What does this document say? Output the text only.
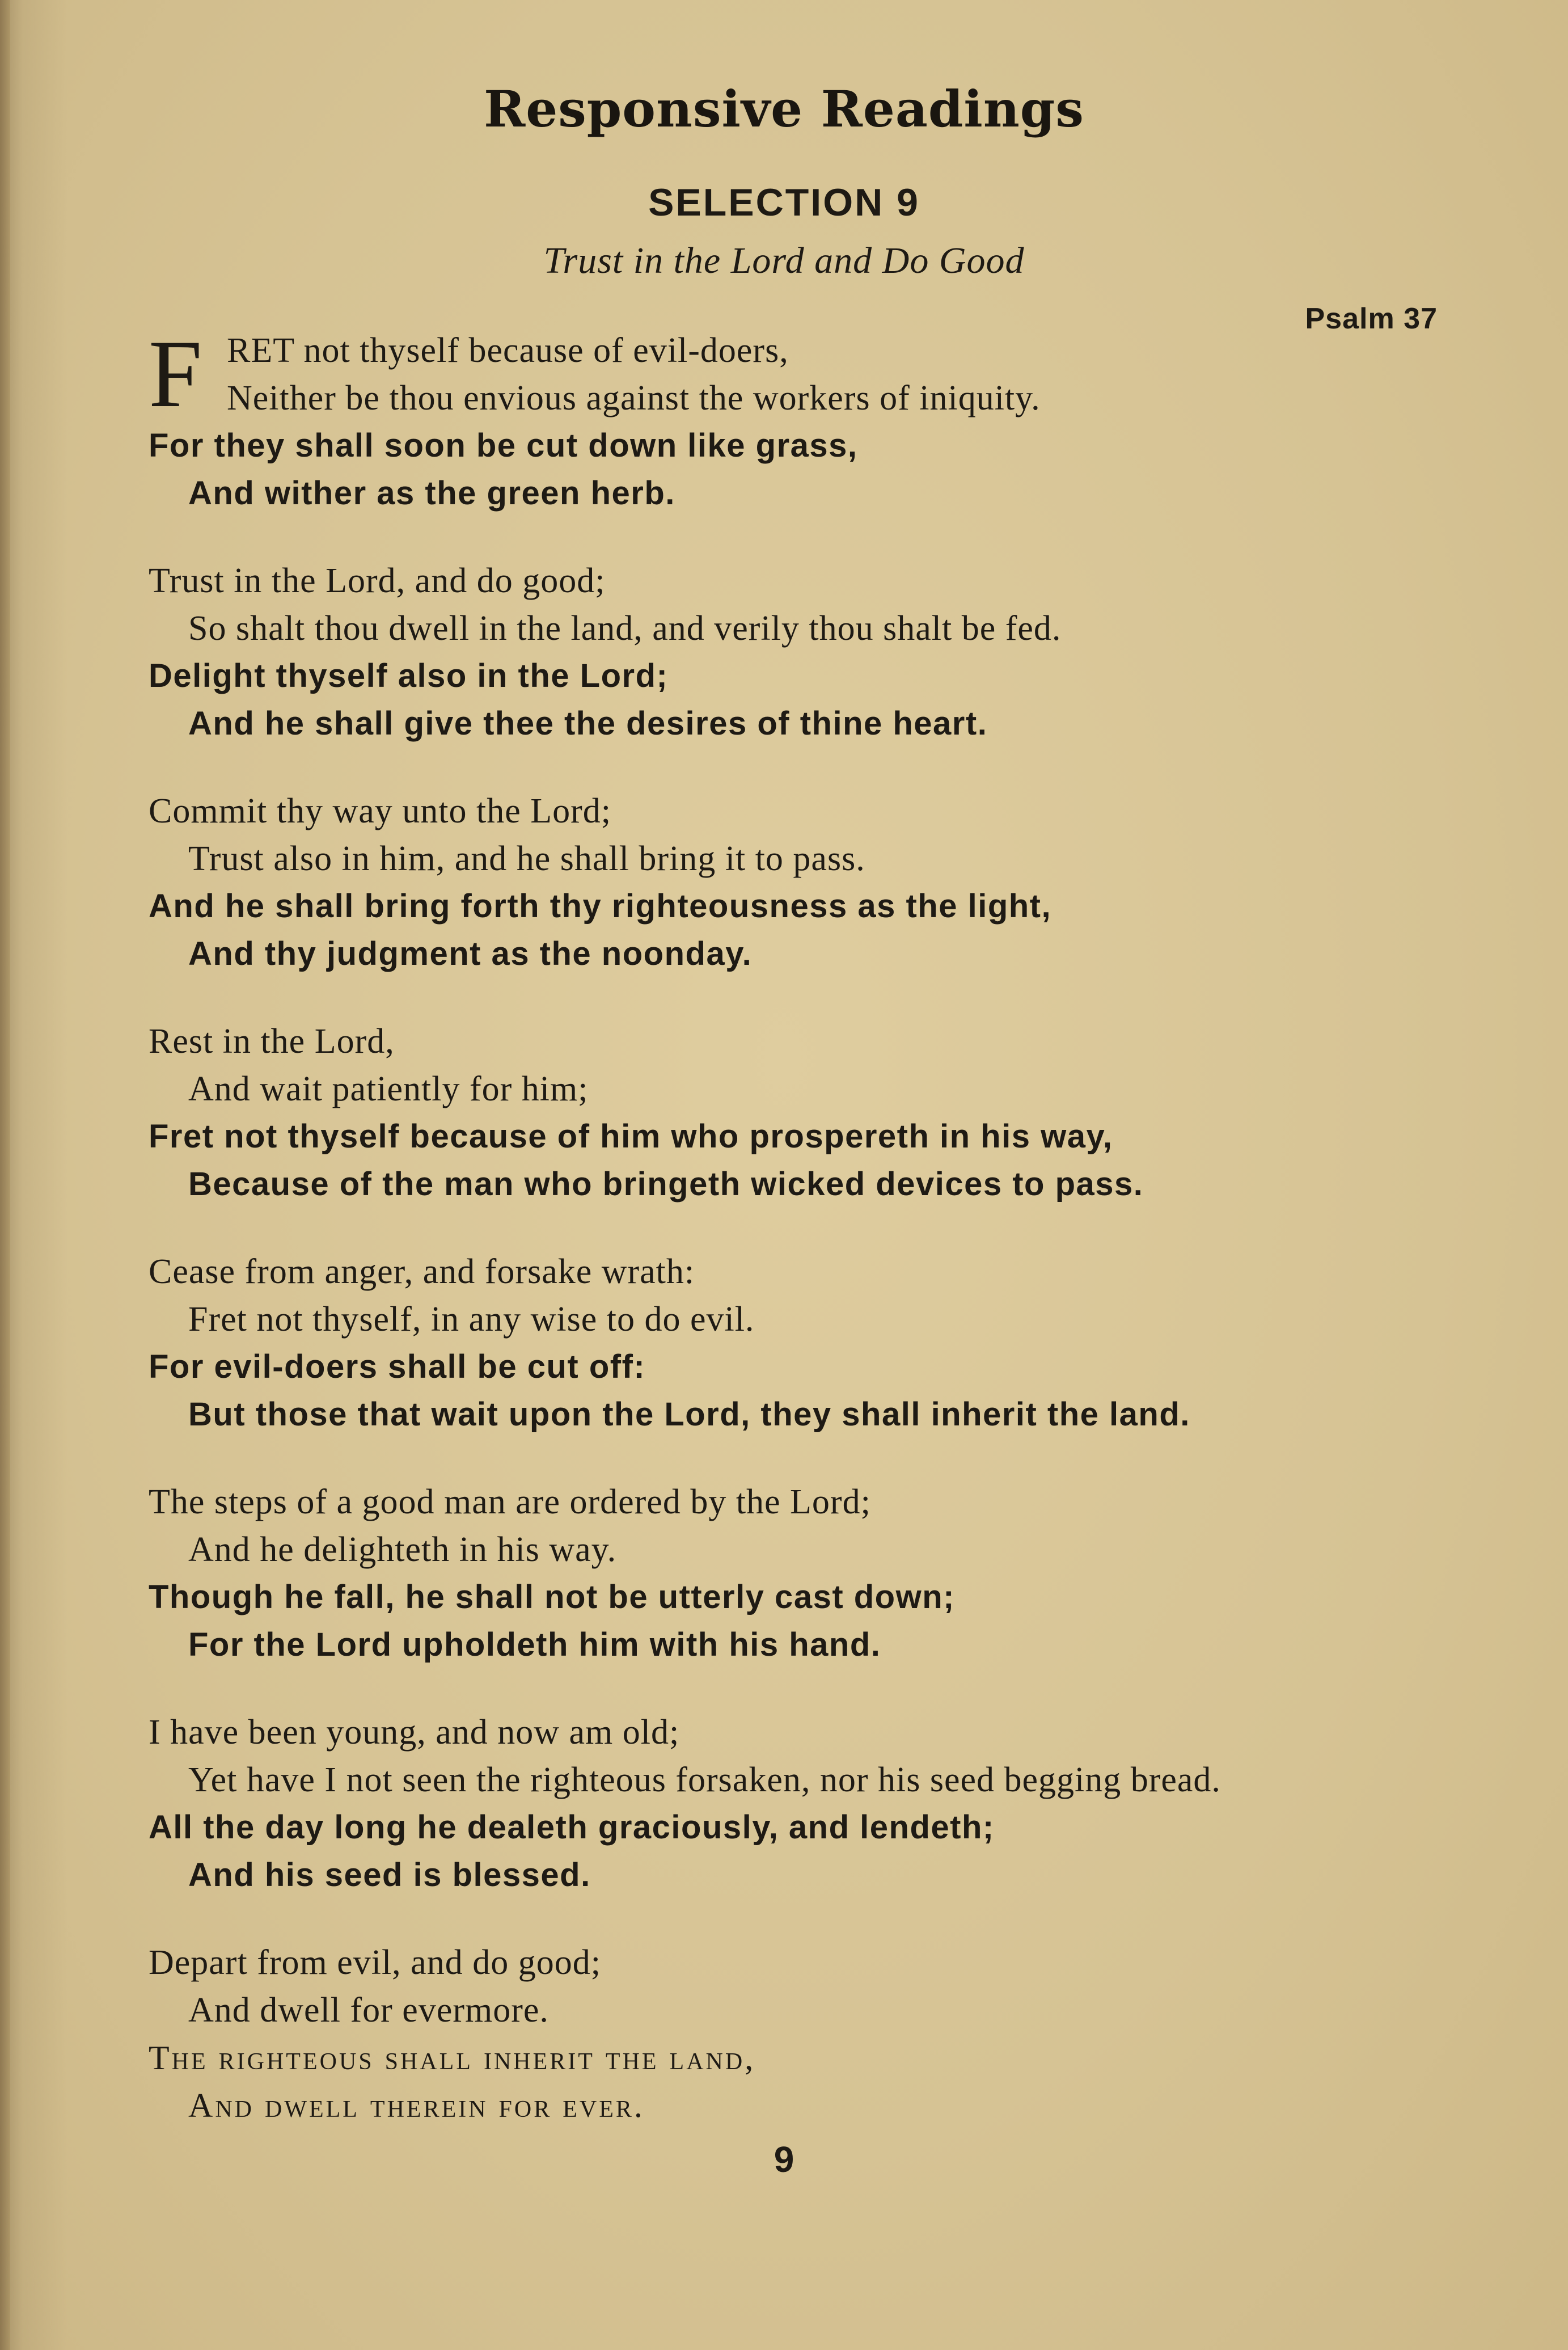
Responsive Readings
SELECTION 9
Trust in the Lord and Do Good
Psalm 37
F RET not thyself because of evil-doers,
Neither be thou envious against the workers of iniquity.
For they shall soon be cut down like grass,
And wither as the green herb.
Trust in the Lord, and do good;
So shalt thou dwell in the land, and verily thou shalt be fed.
Delight thyself also in the Lord;
And he shall give thee the desires of thine heart.
Commit thy way unto the Lord;
Trust also in him, and he shall bring it to pass.
And he shall bring forth thy righteousness as the light,
And thy judgment as the noonday.
Rest in the Lord,
And wait patiently for him;
Fret not thyself because of him who prospereth in his way,
Because of the man who bringeth wicked devices to pass.
Cease from anger, and forsake wrath:
Fret not thyself, in any wise to do evil.
For evil-doers shall be cut off:
But those that wait upon the Lord, they shall inherit the land.
The steps of a good man are ordered by the Lord;
And he delighteth in his way.
Though he fall, he shall not be utterly cast down;
For the Lord upholdeth him with his hand.
I have been young, and now am old;
Yet have I not seen the righteous forsaken, nor his seed begging bread.
All the day long he dealeth graciously, and lendeth;
And his seed is blessed.
Depart from evil, and do good;
And dwell for evermore.
The righteous shall inherit the land,
And dwell therein for ever.
9
